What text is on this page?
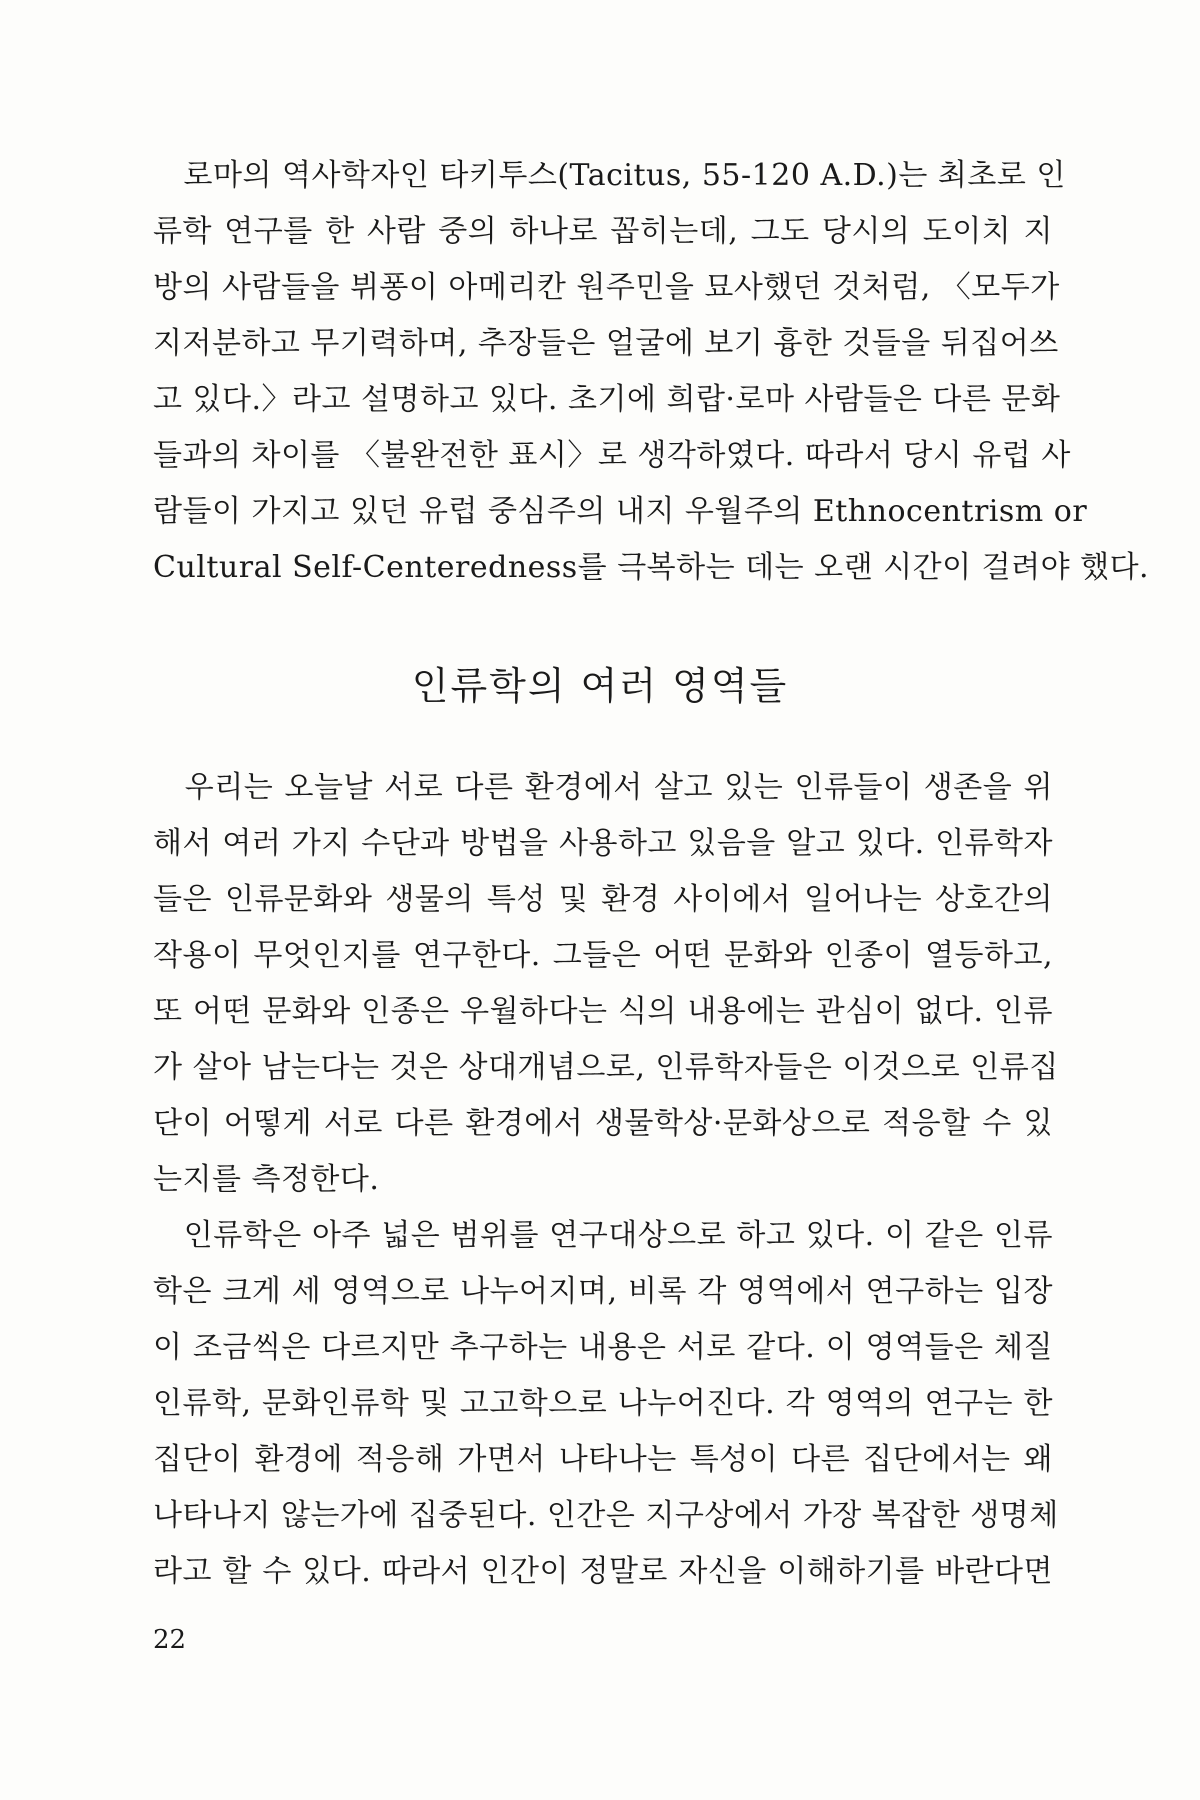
　로마의 역사학자인 타키투스(Tacitus, 55-120 A.D.)는 최초로 인
류학 연구를 한 사람 중의 하나로 꼽히는데, 그도 당시의 도이치 지
방의 사람들을 뷔퐁이 아메리칸 원주민을 묘사했던 것처럼, 〈모두가
지저분하고 무기력하며, 추장들은 얼굴에 보기 흉한 것들을 뒤집어쓰
고 있다.〉라고 설명하고 있다. 초기에 희랍·로마 사람들은 다른 문화
들과의 차이를 〈불완전한 표시〉로 생각하였다. 따라서 당시 유럽 사
람들이 가지고 있던 유럽 중심주의 내지 우월주의 Ethnocentrism or
Cultural Self-Centeredness를 극복하는 데는 오랜 시간이 걸려야 했다.
인류학의 여러 영역들
　우리는 오늘날 서로 다른 환경에서 살고 있는 인류들이 생존을 위
해서 여러 가지 수단과 방법을 사용하고 있음을 알고 있다. 인류학자
들은 인류문화와 생물의 특성 및 환경 사이에서 일어나는 상호간의
작용이 무엇인지를 연구한다. 그들은 어떤 문화와 인종이 열등하고,
또 어떤 문화와 인종은 우월하다는 식의 내용에는 관심이 없다. 인류
가 살아 남는다는 것은 상대개념으로, 인류학자들은 이것으로 인류집
단이 어떻게 서로 다른 환경에서 생물학상·문화상으로 적응할 수 있
는지를 측정한다.
　인류학은 아주 넓은 범위를 연구대상으로 하고 있다. 이 같은 인류
학은 크게 세 영역으로 나누어지며, 비록 각 영역에서 연구하는 입장
이 조금씩은 다르지만 추구하는 내용은 서로 같다. 이 영역들은 체질
인류학, 문화인류학 및 고고학으로 나누어진다. 각 영역의 연구는 한
집단이 환경에 적응해 가면서 나타나는 특성이 다른 집단에서는 왜
나타나지 않는가에 집중된다. 인간은 지구상에서 가장 복잡한 생명체
라고 할 수 있다. 따라서 인간이 정말로 자신을 이해하기를 바란다면
22
